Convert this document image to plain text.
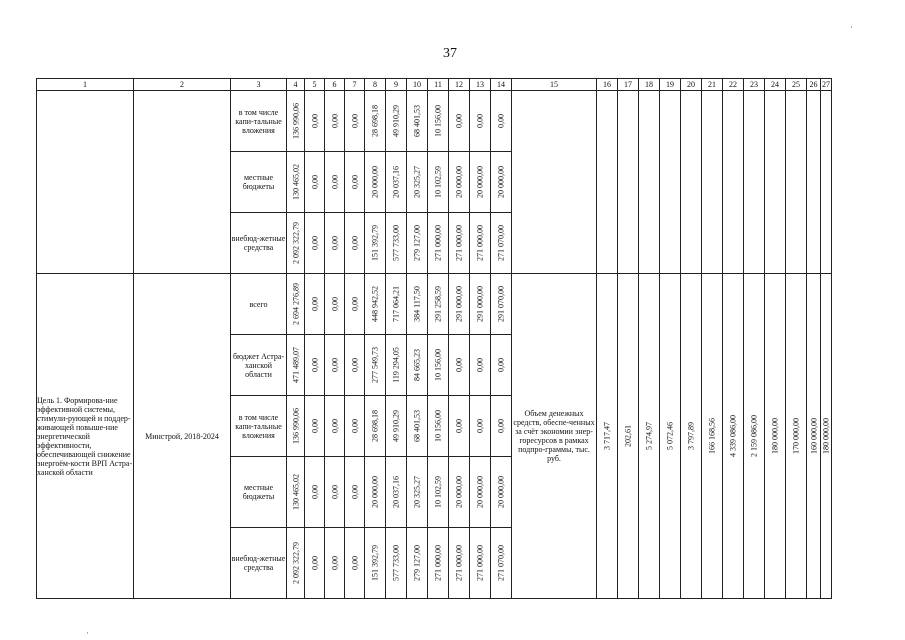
37
·
·
1	2	3	4	5	6	7	8	9	10	11	12	13	14	15	16	17	18	19	20	21	22	23	24	25	26	27
		в том числе капи-тальные вложения	136 990,06	0,00	0,00	0,00	28 698,18	49 910,29	68 401,53	10 156,00	0,00	0,00	0,00													

		местные бюджеты	130 465,02	0,00	0,00	0,00	20 000,00	20 037,16	20 325,27	10 102,59	20 000,00	20 000,00	20 000,00													

		внебюд-жетные средства	2 092 322,79	0,00	0,00	0,00	151 392,79	577 733,00	279 127,00	271 000,00	271 000,00	271 000,00	271 070,00													

Цель 1. Формирова-ние эффективной системы, стимули-рующей и поддер-живающей повыше-ние энергетической эффективности, обеспечивающей снижение энергоём-кости ВРП Астра-ханской области	Минстрой, 2018-2024	всего	2 694 276,89	0,00	0,00	0,00	448 942,52	717 064,21	384 117,50	291 258,59	291 000,00	291 000,00	291 070,00	Объем денежных средств, обеспе-ченных за счёт экономии энер-горесурсов в рамках подпро-граммы, тыс. руб.	3 717,47	202,61	5 274,97	5 072,46	3 797,89	166 168,56	4 339 086,00	2 159 086,00	180 000,00	170 000,00	160 000,00	180 000,00

		бюджет Астра-ханской области	471 489,07	0,00	0,00	0,00	277 549,73	119 294,05	84 665,23	10 156,00	0,00	0,00	0,00													

		в том числе капи-тальные вложения	136 990,06	0,00	0,00	0,00	28 698,18	49 910,29	68 401,53	10 156,00	0,00	0,00	0,00													

		местные бюджеты	130 465,02	0,00	0,00	0,00	20 000,00	20 037,16	20 325,27	10 102,59	20 000,00	20 000,00	20 000,00													

		внебюд-жетные средства	2 092 322,79	0,00	0,00	0,00	151 392,79	577 733,00	279 127,00	271 000,00	271 000,00	271 000,00	271 070,00													
